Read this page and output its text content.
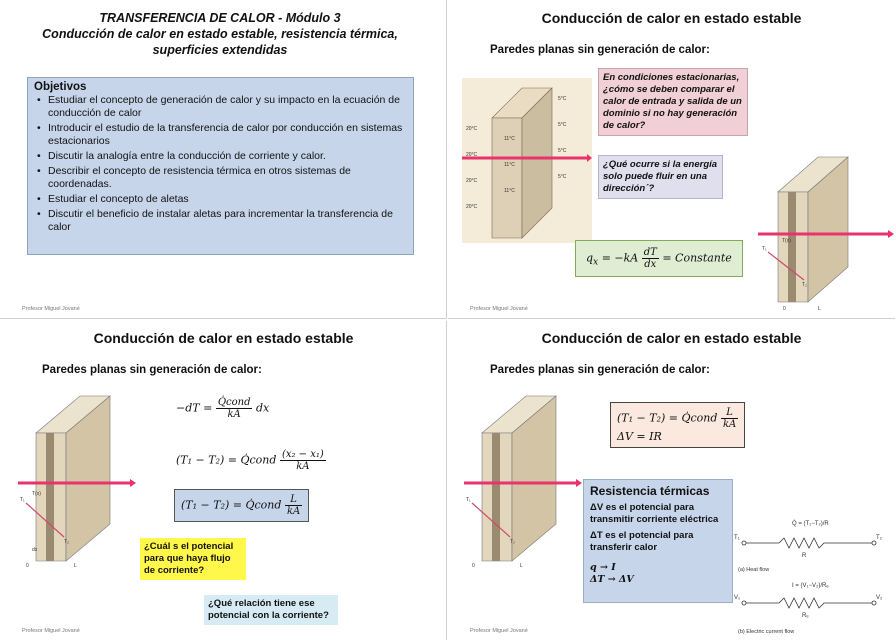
TRANSFERENCIA DE CALOR - Módulo 3
Conducción de calor en estado estable, resistencia térmica,
superficies extendidas
Objetivos
• Estudiar el concepto de generación de calor y su impacto en la ecuación de conducción de calor
• Introducir el estudio de la transferencia de calor por conducción en sistemas estacionarios
• Discutir la analogía entre la conducción de corriente y calor.
• Describir el concepto de resistencia térmica en otros sistemas de coordenadas.
• Estudiar el concepto de aletas
• Discutir el beneficio de instalar aletas para incrementar la transferencia de calor
Profesor Miguel Jované
Conducción de calor en estado estable
Paredes planas sin generación de calor:
20°C
20°C
20°C
20°C
5°C
5°C
5°C
5°C
11°C
11°C
11°C
En condiciones estacionarias, ¿cómo se deben comparar el calor de entrada y salida de un dominio si no hay generación de calor?
¿Qué ocurre si la energía solo puede fluir en una dirección´?
$q_x = -kA \frac{dT}{dx}$ = Constante
T₁
T₂
T(x)
0	L
Profesor Miguel Jované
Conducción de calor en estado estable
Paredes planas sin generación de calor:
T₁
T₂
T(x)
dx
0	L
$-dT = \frac{\text{Q̇cond}}{kA}$ dx
(T₁ − T₂) = Q̇cond $\frac{\text{(x₂ − x₁)}}{kA}$
(T₁ − T₂) = Q̇cond $\frac{L}{kA}$
¿Cuál s el potencial para que haya flujo de corriente?
¿Qué relación tiene ese potencial con la corriente?
Profesor Miguel Jované
Conducción de calor en estado estable
Paredes planas sin generación de calor:
T₁
T₂
0	L
(T₁ − T₂) = Q̇cond $\frac{L}{kA}$
ΔV = IR
Profesor Miguel Jované
Resistencia térmicas
ΔV es el potencial para transmitir corriente eléctrica
ΔT es el potencial para transferir calor
q → I
ΔT → ΔV
Q̇ = (T₁−T₂)/R
T₁	T₂
R
I = (V₁−V₂)/Rₑ
V₁	V₂
Rₑ
(a) Heat flow
(b) Electric current flow
